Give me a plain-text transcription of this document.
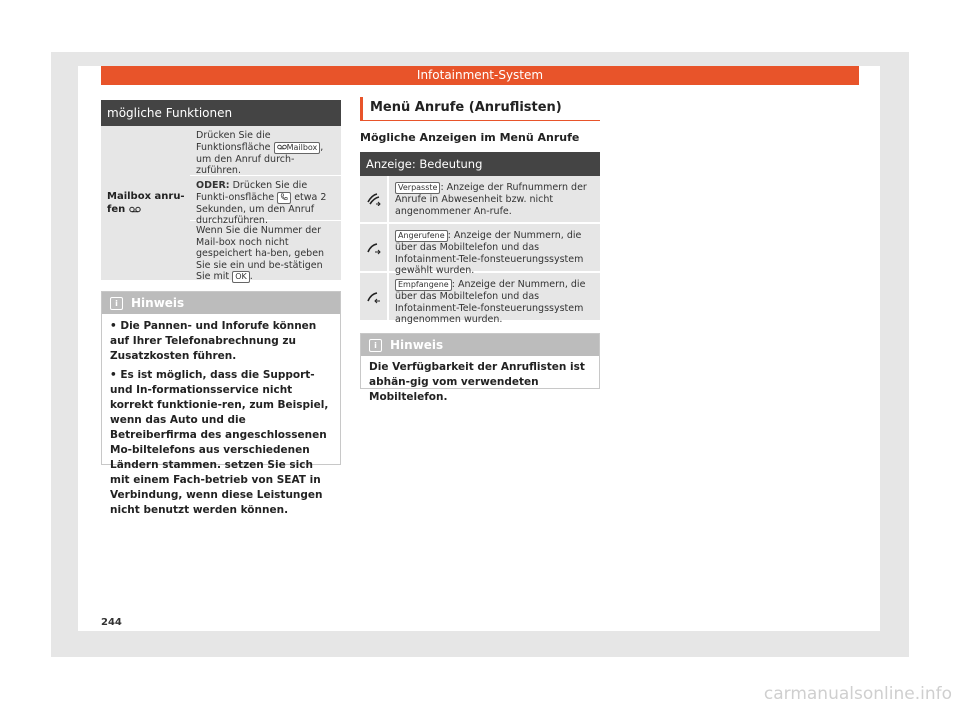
Infotainment-System
mögliche Funktionen
Mailbox anru-
fen
Drücken Sie die Funktionsfläche Mailbox , um den Anruf durch-zuführen.
ODER: Drücken Sie die Funkti-onsfläche  etwa 2 Sekunden, um den Anruf durchzuführen.
Wenn Sie die Nummer der Mail-box noch nicht gespeichert ha-ben, geben Sie sie ein und be-stätigen Sie mit OK .
i	Hinweis

• Die Pannen- und Inforufe können auf Ihrer Telefonabrechnung zu Zusatzkosten führen.

• Es ist möglich, dass die Support- und In-formationsservice nicht korrekt funktionie-ren, zum Beispiel, wenn das Auto und die Betreiberfirma des angeschlossenen Mo-biltelefons aus verschiedenen Ländern stammen. setzen Sie sich mit einem Fach-betrieb von SEAT in Verbindung, wenn diese Leistungen nicht benutzt werden können.

Menü Anrufe (Anruflisten)
Mögliche Anzeigen im Menü Anrufe
Anzeige: Bedeutung
Verpasste : Anzeige der Rufnummern der Anrufe in Abwesenheit bzw. nicht angenommener An-rufe.
Angerufene : Anzeige der Nummern, die über das Mobiltelefon und das Infotainment-Tele-fonsteuerungssystem gewählt wurden.
Empfangene : Anzeige der Nummern, die über das Mobiltelefon und das Infotainment-Tele-fonsteuerungssystem angenommen wurden.
i	Hinweis
Die Verfügbarkeit der Anruflisten ist abhän-gig vom verwendeten Mobiltelefon.
244
carmanualsonline.info
